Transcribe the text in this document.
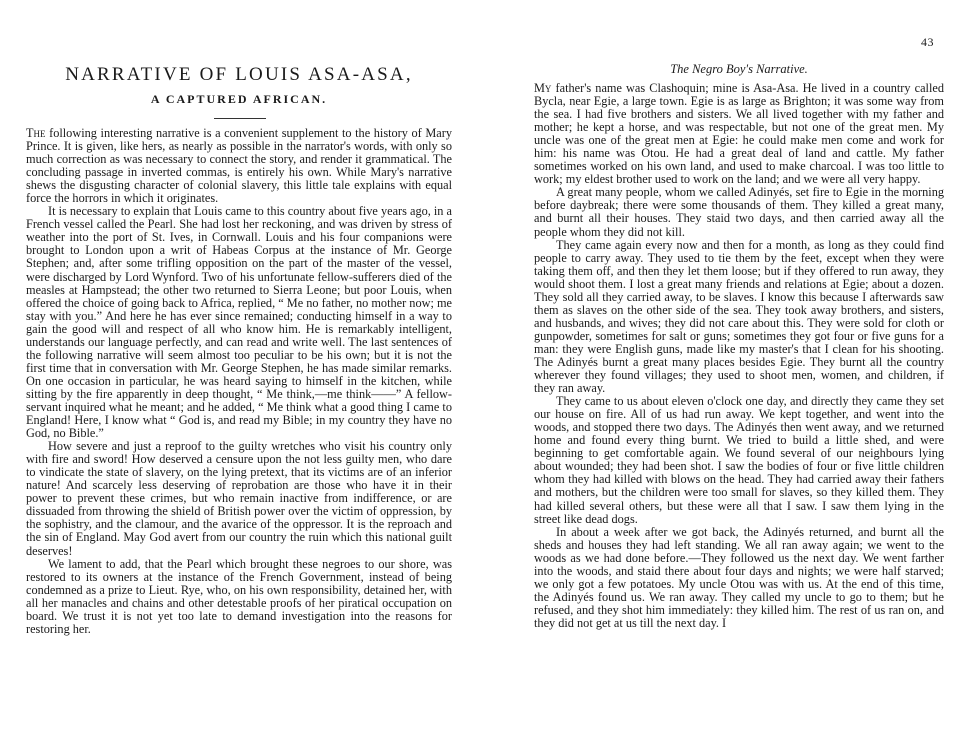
NARRATIVE OF LOUIS ASA-ASA,
A CAPTURED AFRICAN.

The following interesting narrative is a convenient supplement to the history of Mary Prince. It is given, like hers, as nearly as possible in the narrator's words, with only so much correction as was necessary to connect the story, and render it grammatical. The concluding passage in inverted commas, is entirely his own. While Mary's narrative shews the disgusting character of colonial slavery, this little tale explains with equal force the horrors in which it originates.

It is necessary to explain that Louis came to this country about five years ago, in a French vessel called the Pearl. She had lost her reckoning, and was driven by stress of weather into the port of St. Ives, in Cornwall. Louis and his four companions were brought to London upon a writ of Habeas Corpus at the instance of Mr. George Stephen; and, after some trifling opposition on the part of the master of the vessel, were discharged by Lord Wynford. Two of his unfortunate fellow-sufferers died of the measles at Hampstead; the other two returned to Sierra Leone; but poor Louis, when offered the choice of going back to Africa, replied, “ Me no father, no mother now; me stay with you.” And here he has ever since remained; conducting himself in a way to gain the good will and respect of all who know him. He is remarkably intelligent, understands our language perfectly, and can read and write well. The last sentences of the following narrative will seem almost too peculiar to be his own; but it is not the first time that in conversation with Mr. George Stephen, he has made similar remarks. On one occasion in particular, he was heard saying to himself in the kitchen, while sitting by the fire apparently in deep thought, “ Me think,—me think——” A fellow-servant inquired what he meant; and he added, “ Me think what a good thing I came to England! Here, I know what “ God is, and read my Bible; in my country they have no God, no Bible.”

How severe and just a reproof to the guilty wretches who visit his country only with fire and sword! How deserved a censure upon the not less guilty men, who dare to vindicate the state of slavery, on the lying pretext, that its victims are of an inferior nature! And scarcely less deserving of reprobation are those who have it in their power to prevent these crimes, but who remain inactive from indifference, or are dissuaded from throwing the shield of British power over the victim of oppression, by the sophistry, and the clamour, and the avarice of the oppressor. It is the reproach and the sin of England. May God avert from our country the ruin which this national guilt deserves!

We lament to add, that the Pearl which brought these negroes to our shore, was restored to its owners at the instance of the French Government, instead of being condemned as a prize to Lieut. Rye, who, on his own responsibility, detained her, with all her manacles and chains and other detestable proofs of her piratical occupation on board. We trust it is not yet too late to demand investigation into the reasons for restoring her.

43
The Negro Boy's Narrative.

My father's name was Clashoquin; mine is Asa-Asa. He lived in a country called Bycla, near Egie, a large town. Egie is as large as Brighton; it was some way from the sea. I had five brothers and sisters. We all lived together with my father and mother; he kept a horse, and was respectable, but not one of the great men. My uncle was one of the great men at Egie: he could make men come and work for him: his name was Otou. He had a great deal of land and cattle. My father sometimes worked on his own land, and used to make charcoal. I was too little to work; my eldest brother used to work on the land; and we were all very happy.

A great many people, whom we called Adinyés, set fire to Egie in the morning before daybreak; there were some thousands of them. They killed a great many, and burnt all their houses. They staid two days, and then carried away all the people whom they did not kill.

They came again every now and then for a month, as long as they could find people to carry away. They used to tie them by the feet, except when they were taking them off, and then they let them loose; but if they offered to run away, they would shoot them. I lost a great many friends and relations at Egie; about a dozen. They sold all they carried away, to be slaves. I know this because I afterwards saw them as slaves on the other side of the sea. They took away brothers, and sisters, and husbands, and wives; they did not care about this. They were sold for cloth or gunpowder, sometimes for salt or guns; sometimes they got four or five guns for a man: they were English guns, made like my master's that I clean for his shooting. The Adinyés burnt a great many places besides Egie. They burnt all the country wherever they found villages; they used to shoot men, women, and children, if they ran away.

They came to us about eleven o'clock one day, and directly they came they set our house on fire. All of us had run away. We kept together, and went into the woods, and stopped there two days. The Adinyés then went away, and we returned home and found every thing burnt. We tried to build a little shed, and were beginning to get comfortable again. We found several of our neighbours lying about wounded; they had been shot. I saw the bodies of four or five little children whom they had killed with blows on the head. They had carried away their fathers and mothers, but the children were too small for slaves, so they killed them. They had killed several others, but these were all that I saw. I saw them lying in the street like dead dogs.

In about a week after we got back, the Adinyés returned, and burnt all the sheds and houses they had left standing. We all ran away again; we went to the woods as we had done before.—They followed us the next day. We went farther into the woods, and staid there about four days and nights; we were half starved; we only got a few potatoes. My uncle Otou was with us. At the end of this time, the Adinyés found us. We ran away. They called my uncle to go to them; but he refused, and they shot him immediately: they killed him. The rest of us ran on, and they did not get at us till the next day. I
